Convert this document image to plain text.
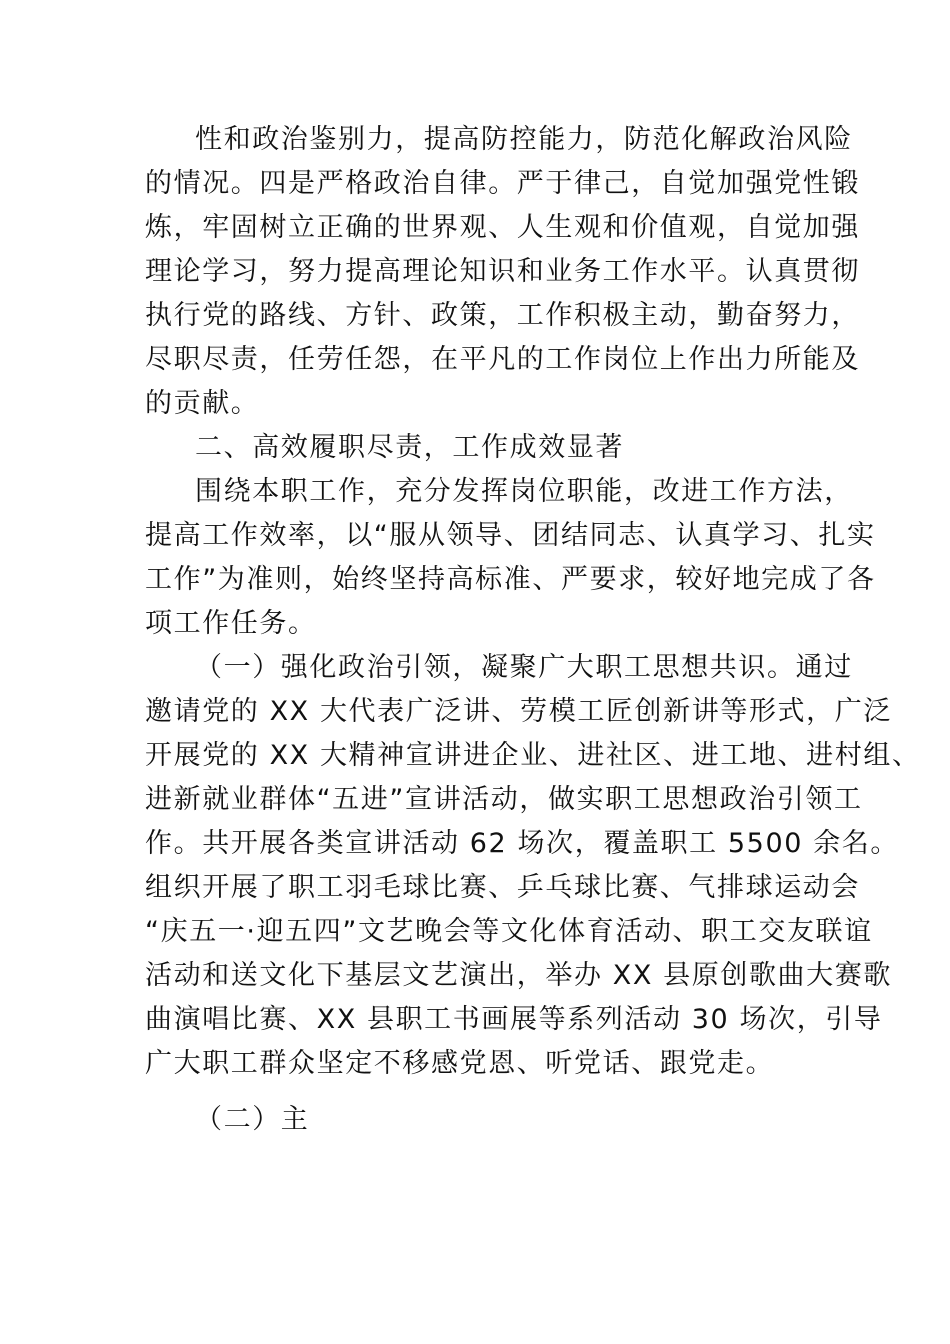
性和政治鉴别力，提高防控能力，防范化解政治风险
的情况。四是严格政治自律。严于律己，自觉加强党性锻
炼，牢固树立正确的世界观、人生观和价值观，自觉加强
理论学习，努力提高理论知识和业务工作水平。认真贯彻
执行党的路线、方针、政策，工作积极主动，勤奋努力，
尽职尽责，任劳任怨，在平凡的工作岗位上作出力所能及
的贡献。
二、高效履职尽责，工作成效显著
围绕本职工作，充分发挥岗位职能，改进工作方法，
提高工作效率，以“服从领导、团结同志、认真学习、扎实
工作”为准则，始终坚持高标准、严要求，较好地完成了各
项工作任务。
（一）强化政治引领，凝聚广大职工思想共识。通过
邀请党的 XX 大代表广泛讲、劳模工匠创新讲等形式，广泛
开展党的 XX 大精神宣讲进企业、进社区、进工地、进村组、
进新就业群体“五进”宣讲活动，做实职工思想政治引领工
作。共开展各类宣讲活动 62 场次，覆盖职工 5500 余名。
组织开展了职工羽毛球比赛、乒乓球比赛、气排球运动会
“庆五一·迎五四”文艺晚会等文化体育活动、职工交友联谊
活动和送文化下基层文艺演出，举办 XX 县原创歌曲大赛歌
曲演唱比赛、XX 县职工书画展等系列活动 30 场次，引导
广大职工群众坚定不移感党恩、听党话、跟党走。
（二）主
